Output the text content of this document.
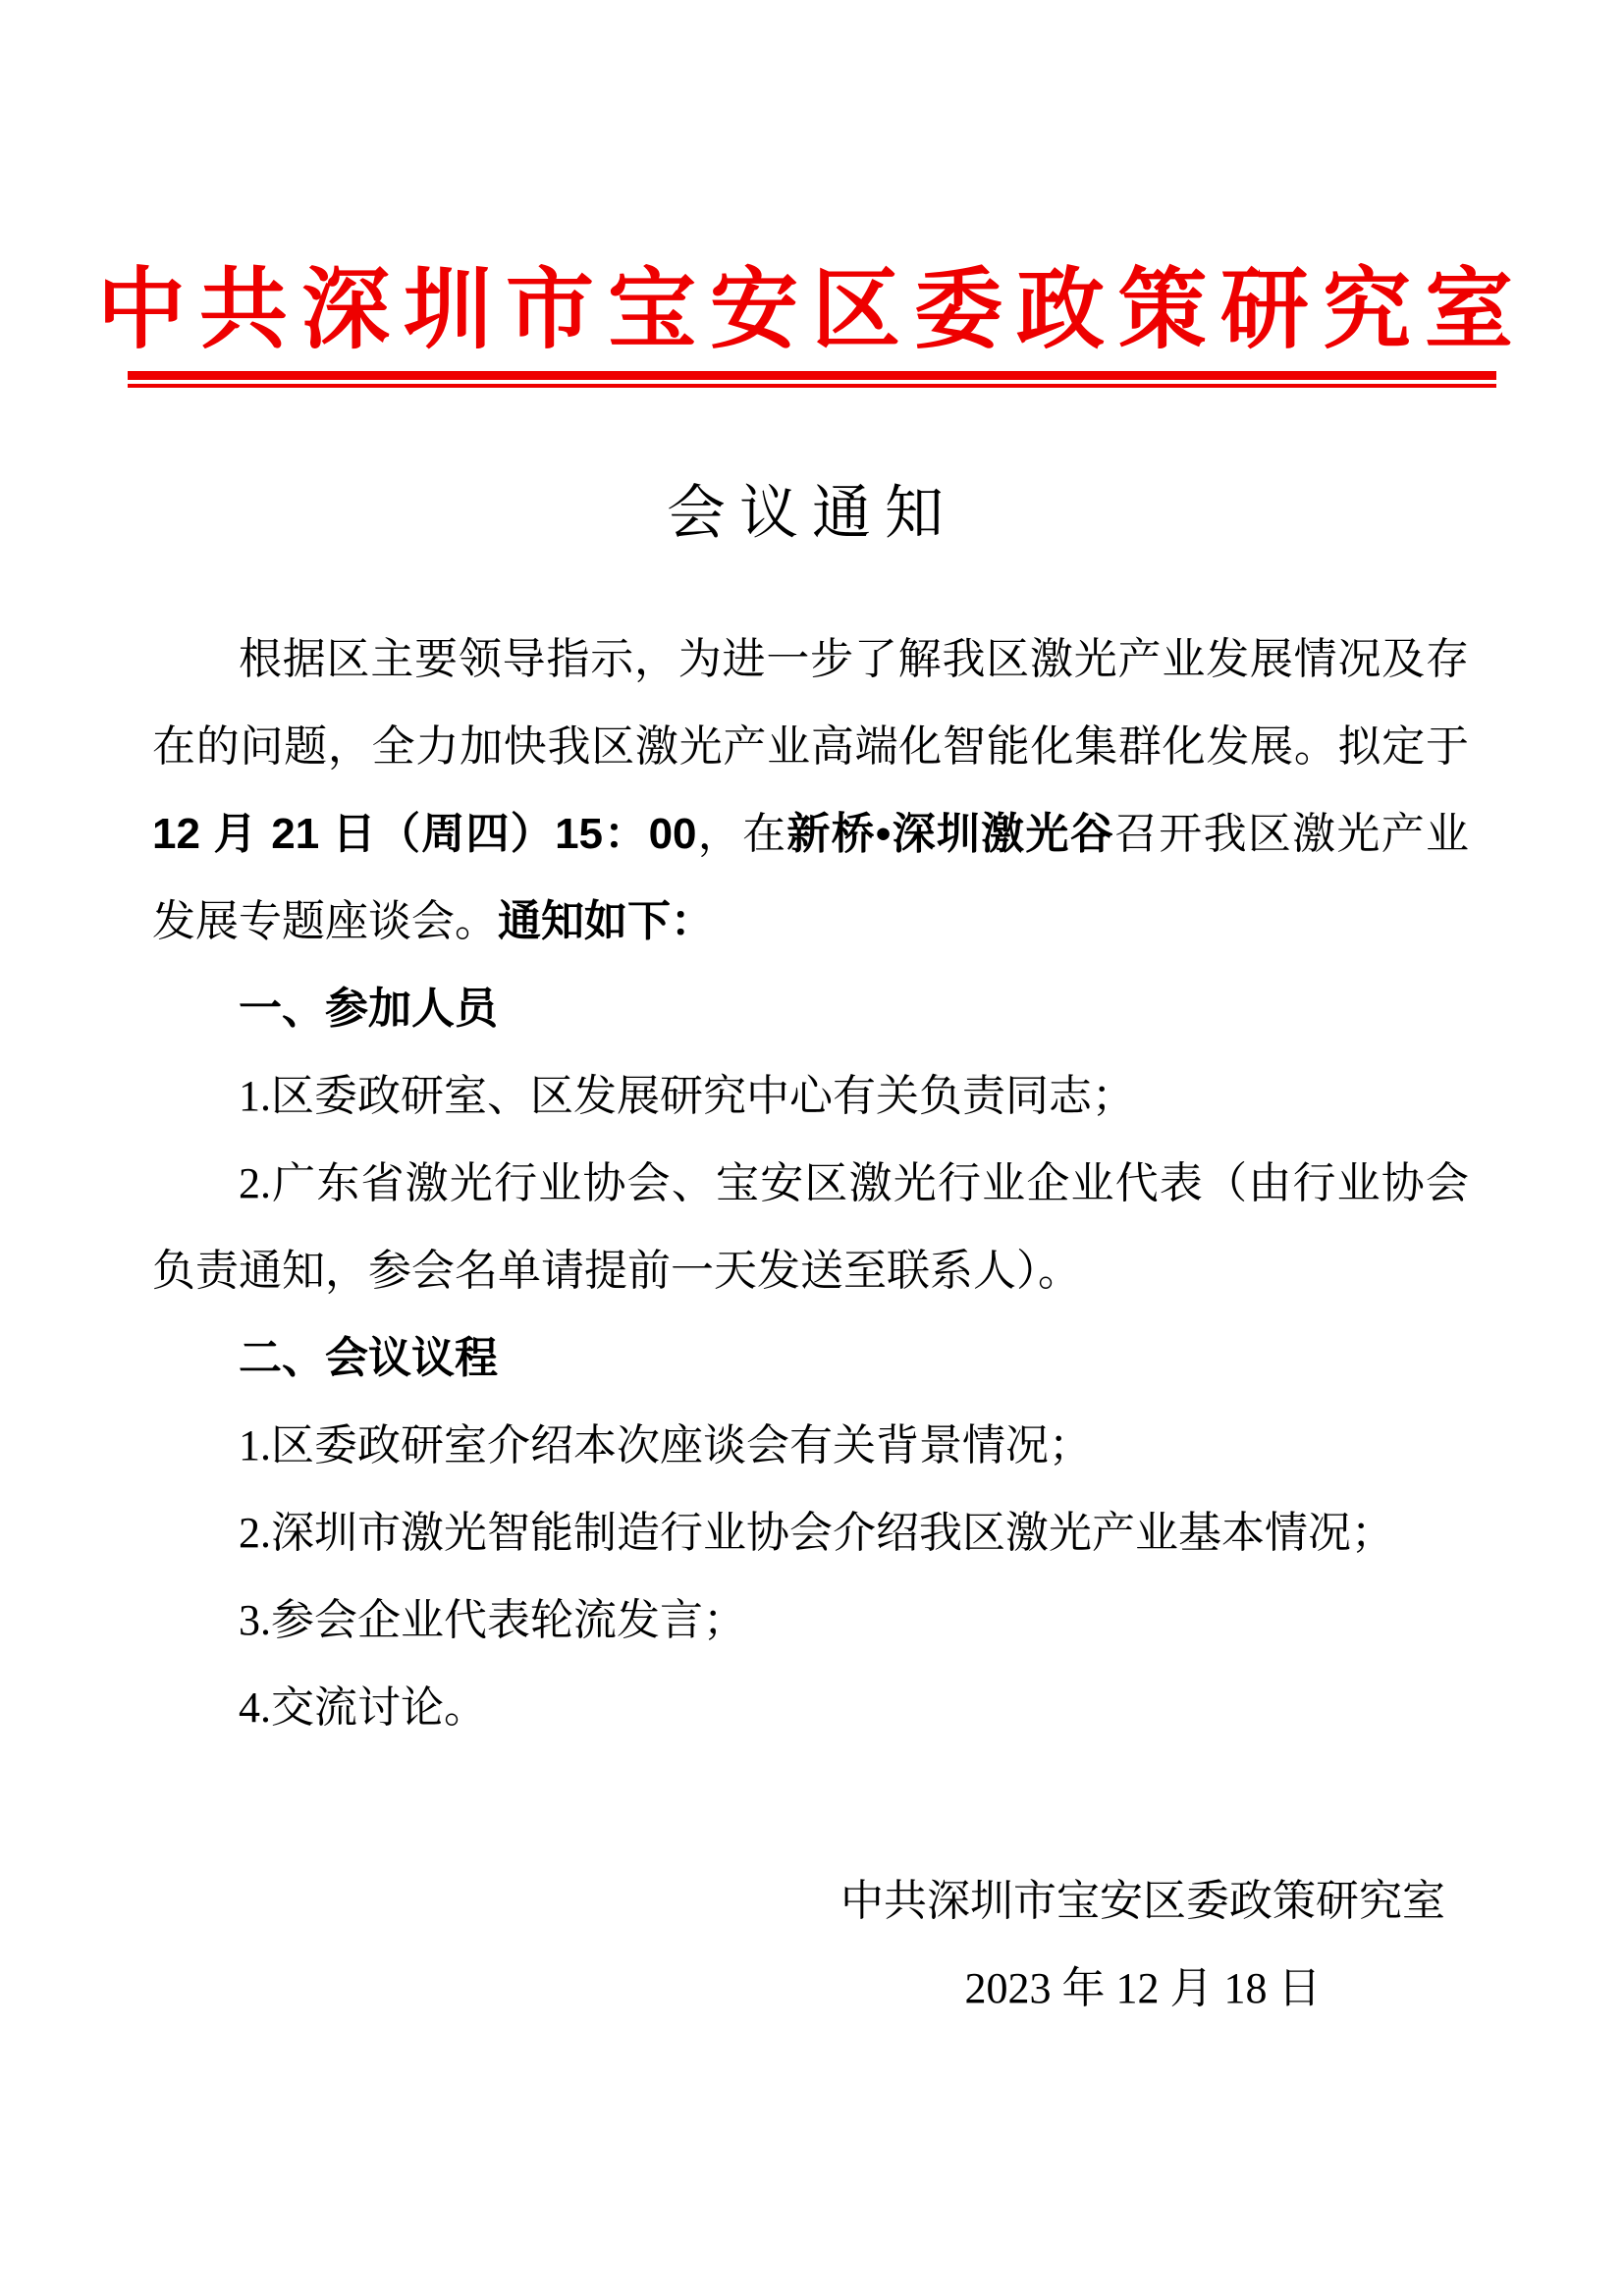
中共深圳市宝安区委政策研究室
会议通知

根据区主要领导指示，为进一步了解我区激光产业发展情况及存在的问题，全力加快我区激光产业高端化智能化集群化发展。拟定于 12 月 21 日（周四）15：00，在新桥•深圳激光谷召开我区激光产业发展专题座谈会。通知如下：

一、参加人员

1.区委政研室、区发展研究中心有关负责同志；

2.广东省激光行业协会、宝安区激光行业企业代表（由行业协会负责通知，参会名单请提前一天发送至联系人）。

二、会议议程

1.区委政研室介绍本次座谈会有关背景情况；

2.深圳市激光智能制造行业协会介绍我区激光产业基本情况；

3.参会企业代表轮流发言；

4.交流讨论。

中共深圳市宝安区委政策研究室
2023 年 12 月 18 日
